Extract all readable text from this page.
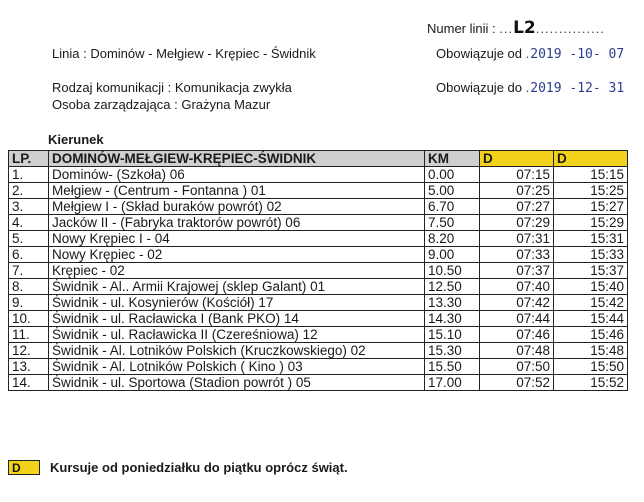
Numer linii : ...L2...............
Linia : Dominów - Mełgiew - Krępiec - Świdnik	Obowiązuje od .2019 -10- 07
Rodzaj komunikacji : Komunikacja zwykła	Obowiązuje do .2019 -12- 31
Osoba zarządzająca : Grażyna Mazur
Kierunek
LP.	DOMINÓW-MEŁGIEW-KRĘPIEC-ŚWIDNIK	KM	D	D
1.	Dominów- (Szkoła) 06	0.00	07:15	15:15
2.	Mełgiew - (Centrum - Fontanna ) 01	5.00	07:25	15:25
3.	Mełgiew I - (Skład buraków powrót) 02	6.70	07:27	15:27
4.	Jacków II - (Fabryka traktorów powrót) 06	7.50	07:29	15:29
5.	Nowy Krępiec I - 04	8.20	07:31	15:31
6.	Nowy Krępiec - 02	9.00	07:33	15:33
7.	Krępiec - 02	10.50	07:37	15:37
8.	Świdnik - Al.. Armii Krajowej (sklep Galant) 01	12.50	07:40	15:40
9.	Świdnik - ul. Kosynierów (Kościół) 17	13.30	07:42	15:42
10.	Świdnik - ul. Racławicka I (Bank PKO) 14	14.30	07:44	15:44
11.	Świdnik - ul. Racławicka II (Czereśniowa) 12	15.10	07:46	15:46
12.	Świdnik - Al. Lotników Polskich (Kruczkowskiego) 02	15.30	07:48	15:48
13.	Świdnik - Al. Lotników Polskich ( Kino ) 03	15.50	07:50	15:50
14.	Świdnik - ul. Sportowa (Stadion powrót ) 05	17.00	07:52	15:52
D	Kursuje od poniedziałku do piątku oprócz świąt.
